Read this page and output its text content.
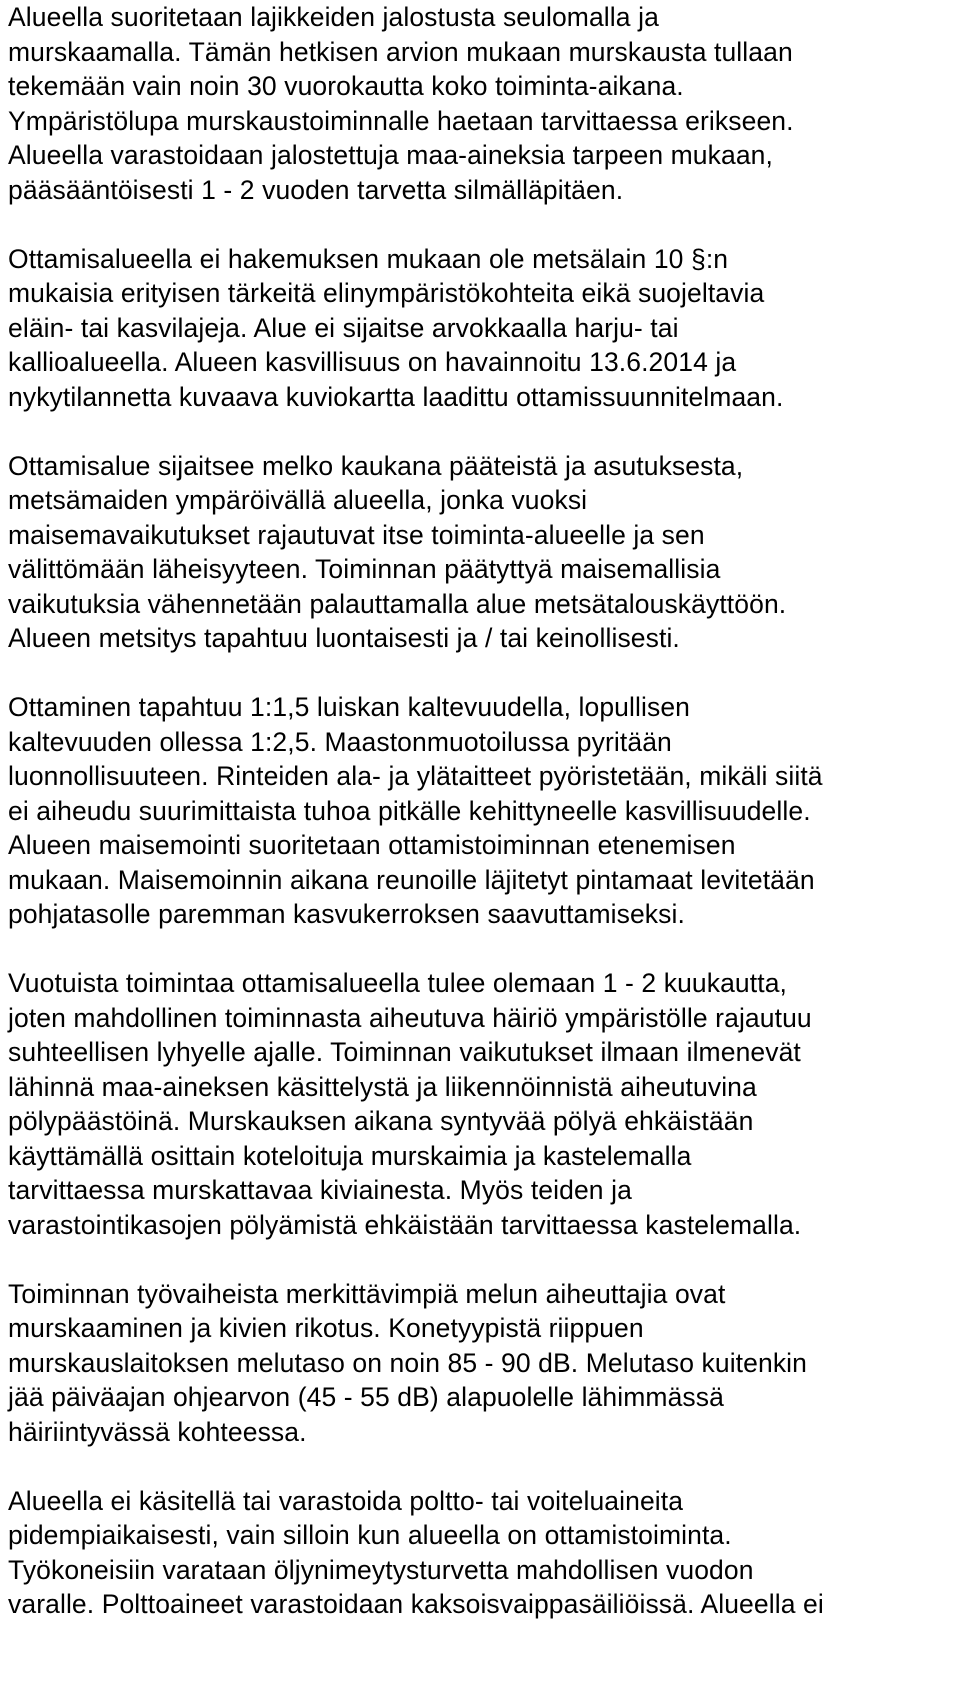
Alueella suoritetaan lajikkeiden jalostusta seulomalla ja
murskaamalla. Tämän hetkisen arvion mukaan murskausta tullaan
tekemään vain noin 30 vuorokautta koko toiminta-aikana.
Ympäristölupa murskaustoiminnalle haetaan tarvittaessa erikseen.
Alueella varastoidaan jalostettuja maa-aineksia tarpeen mukaan,
pääsääntöisesti 1 - 2 vuoden tarvetta silmälläpitäen.
Ottamisalueella ei hakemuksen mukaan ole metsälain 10 §:n
mukaisia erityisen tärkeitä elinympäristökohteita eikä suojeltavia
eläin- tai kasvilajeja. Alue ei sijaitse arvokkaalla harju- tai
kallioalueella. Alueen kasvillisuus on havainnoitu 13.6.2014 ja
nykytilannetta kuvaava kuviokartta laadittu ottamissuunnitelmaan.
Ottamisalue sijaitsee melko kaukana pääteistä ja asutuksesta,
metsämaiden ympäröivällä alueella, jonka vuoksi
maisemavaikutukset rajautuvat itse toiminta-alueelle ja sen
välittömään läheisyyteen. Toiminnan päätyttyä maisemallisia
vaikutuksia vähennetään palauttamalla alue metsätalouskäyttöön.
Alueen metsitys tapahtuu luontaisesti ja / tai keinollisesti.
Ottaminen tapahtuu 1:1,5 luiskan kaltevuudella, lopullisen
kaltevuuden ollessa 1:2,5. Maastonmuotoilussa pyritään
luonnollisuuteen. Rinteiden ala- ja ylätaitteet pyöristetään, mikäli siitä
ei aiheudu suurimittaista tuhoa pitkälle kehittyneelle kasvillisuudelle.
Alueen maisemointi suoritetaan ottamistoiminnan etenemisen
mukaan. Maisemoinnin aikana reunoille läjitetyt pintamaat levitetään
pohjatasolle paremman kasvukerroksen saavuttamiseksi.
Vuotuista toimintaa ottamisalueella tulee olemaan 1 - 2 kuukautta,
joten mahdollinen toiminnasta aiheutuva häiriö ympäristölle rajautuu
suhteellisen lyhyelle ajalle. Toiminnan vaikutukset ilmaan ilmenevät
lähinnä maa-aineksen käsittelystä ja liikennöinnistä aiheutuvina
pölypäästöinä. Murskauksen aikana syntyvää pölyä ehkäistään
käyttämällä osittain koteloituja murskaimia ja kastelemalla
tarvittaessa murskattavaa kiviainesta. Myös teiden ja
varastointikasojen pölyämistä ehkäistään tarvittaessa kastelemalla.
Toiminnan työvaiheista merkittävimpiä melun aiheuttajia ovat
murskaaminen ja kivien rikotus. Konetyypistä riippuen
murskauslaitoksen melutaso on noin 85 - 90 dB. Melutaso kuitenkin
jää päiväajan ohjearvon (45 - 55 dB) alapuolelle lähimmässä
häiriintyvässä kohteessa.
Alueella ei käsitellä tai varastoida poltto- tai voiteluaineita
pidempiaikaisesti, vain silloin kun alueella on ottamistoiminta.
Työkoneisiin varataan öljynimeytysturvetta mahdollisen vuodon
varalle. Polttoaineet varastoidaan kaksoisvaippasäiliöissä. Alueella ei
